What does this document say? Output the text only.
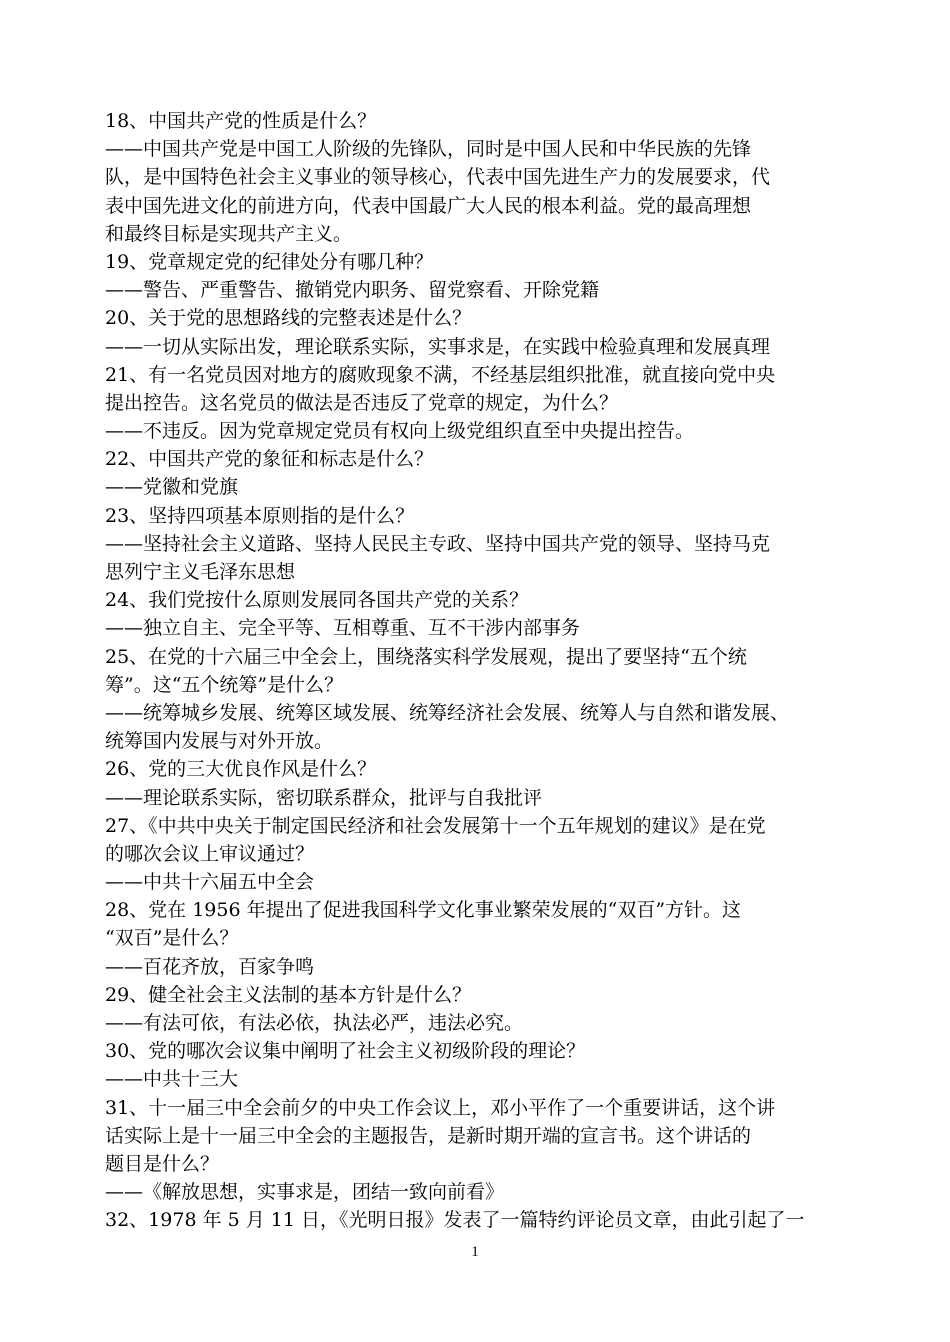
18、中国共产党的性质是什么？
——中国共产党是中国工人阶级的先锋队，同时是中国人民和中华民族的先锋
队，是中国特色社会主义事业的领导核心，代表中国先进生产力的发展要求，代
表中国先进文化的前进方向，代表中国最广大人民的根本利益。党的最高理想
和最终目标是实现共产主义。
19、党章规定党的纪律处分有哪几种？
——警告、严重警告、撤销党内职务、留党察看、开除党籍
20、关于党的思想路线的完整表述是什么？
——一切从实际出发，理论联系实际，实事求是，在实践中检验真理和发展真理
21、有一名党员因对地方的腐败现象不满，不经基层组织批准，就直接向党中央
提出控告。这名党员的做法是否违反了党章的规定，为什么？
——不违反。因为党章规定党员有权向上级党组织直至中央提出控告。
22、中国共产党的象征和标志是什么？
——党徽和党旗
23、坚持四项基本原则指的是什么？
——坚持社会主义道路、坚持人民民主专政、坚持中国共产党的领导、坚持马克
思列宁主义毛泽东思想
24、我们党按什么原则发展同各国共产党的关系？
——独立自主、完全平等、互相尊重、互不干涉内部事务
25、在党的十六届三中全会上，围绕落实科学发展观，提出了要坚持“五个统
筹”。这“五个统筹”是什么？
——统筹城乡发展、统筹区域发展、统筹经济社会发展、统筹人与自然和谐发展、
统筹国内发展与对外开放。
26、党的三大优良作风是什么？
——理论联系实际，密切联系群众，批评与自我批评
27、《中共中央关于制定国民经济和社会发展第十一个五年规划的建议》是在党
的哪次会议上审议通过？
——中共十六届五中全会
28、党在 1956 年提出了促进我国科学文化事业繁荣发展的“双百”方针。这
“双百”是什么？
——百花齐放，百家争鸣
29、健全社会主义法制的基本方针是什么？
——有法可依，有法必依，执法必严，违法必究。
30、党的哪次会议集中阐明了社会主义初级阶段的理论？
——中共十三大
31、十一届三中全会前夕的中央工作会议上，邓小平作了一个重要讲话，这个讲
话实际上是十一届三中全会的主题报告，是新时期开端的宣言书。这个讲话的
题目是什么？
——《解放思想，实事求是，团结一致向前看》
32、1978 年 5 月 11 日，《光明日报》发表了一篇特约评论员文章，由此引起了一
1
